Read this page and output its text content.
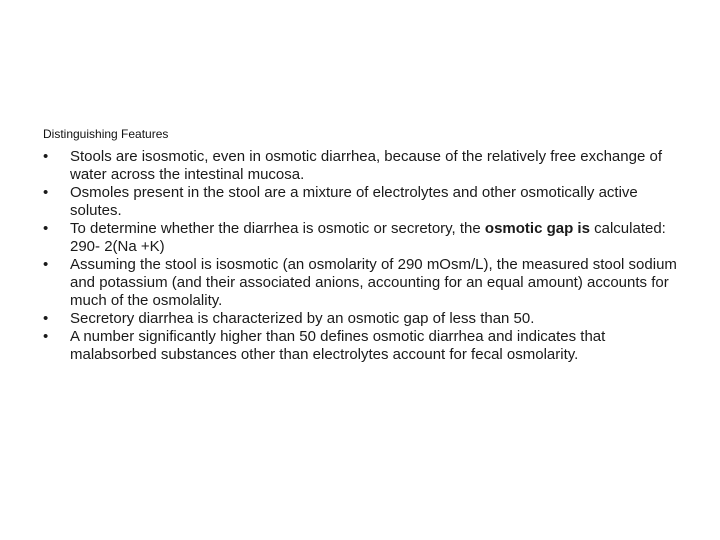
Distinguishing Features
•	Stools are isosmotic, even in osmotic diarrhea, because of the relatively free exchange of water across the intestinal mucosa.
•	Osmoles present in the stool are a mixture of electrolytes and other osmotically active solutes.
•	To determine whether the diarrhea is osmotic or secretory, the osmotic gap is calculated: 290- 2(Na +K)
•	Assuming the stool is isosmotic (an osmolarity of 290 mOsm/L), the measured stool sodium and potassium (and their associated anions, accounting for an equal amount) accounts for much of the osmolality.
•	Secretory diarrhea is characterized by an osmotic gap of less than 50.
•	A number significantly higher than 50 defines osmotic diarrhea and indicates that malabsorbed substances other than electrolytes account for fecal osmolarity.
